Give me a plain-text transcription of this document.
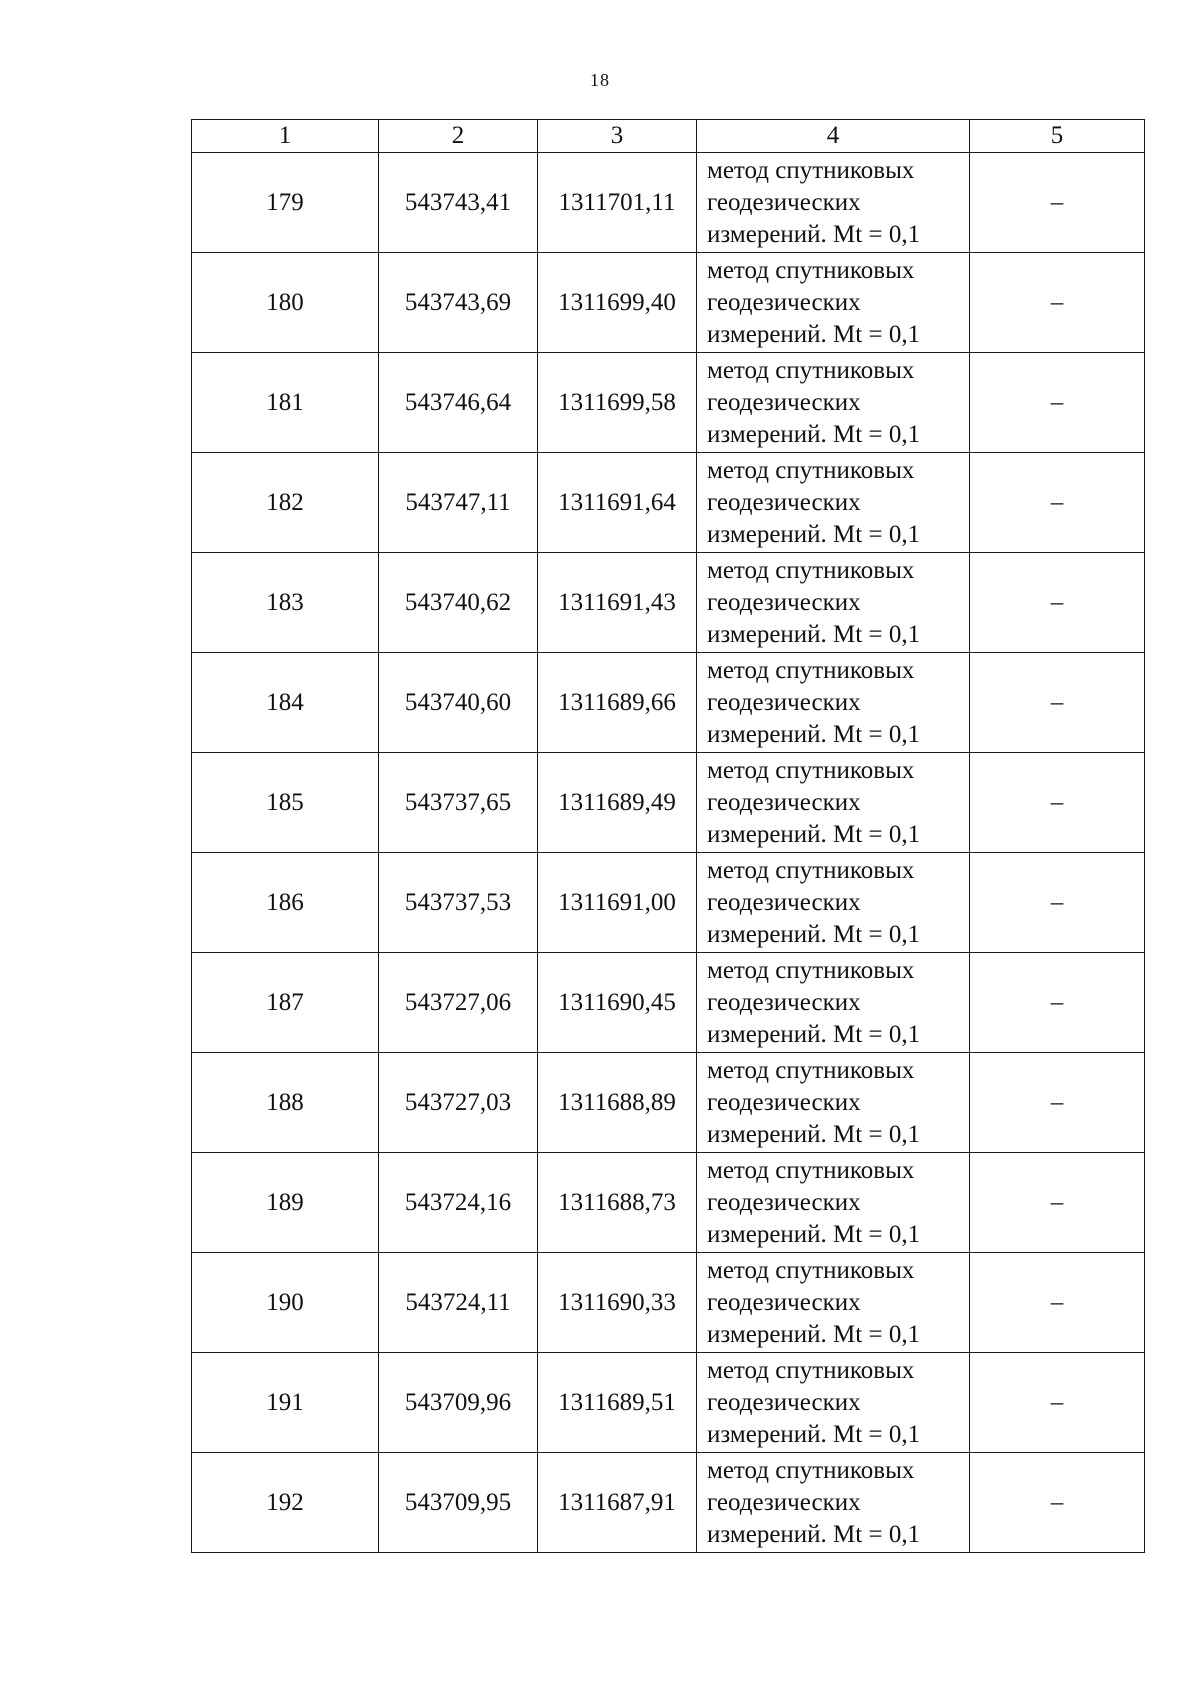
18
1	2	3	4	5
179	543743,41	1311701,11	метод спутниковых
геодезических
измерений. Mt = 0,1	–
180	543743,69	1311699,40	метод спутниковых
геодезических
измерений. Mt = 0,1	–
181	543746,64	1311699,58	метод спутниковых
геодезических
измерений. Mt = 0,1	–
182	543747,11	1311691,64	метод спутниковых
геодезических
измерений. Mt = 0,1	–
183	543740,62	1311691,43	метод спутниковых
геодезических
измерений. Mt = 0,1	–
184	543740,60	1311689,66	метод спутниковых
геодезических
измерений. Mt = 0,1	–
185	543737,65	1311689,49	метод спутниковых
геодезических
измерений. Mt = 0,1	–
186	543737,53	1311691,00	метод спутниковых
геодезических
измерений. Mt = 0,1	–
187	543727,06	1311690,45	метод спутниковых
геодезических
измерений. Mt = 0,1	–
188	543727,03	1311688,89	метод спутниковых
геодезических
измерений. Mt = 0,1	–
189	543724,16	1311688,73	метод спутниковых
геодезических
измерений. Mt = 0,1	–
190	543724,11	1311690,33	метод спутниковых
геодезических
измерений. Mt = 0,1	–
191	543709,96	1311689,51	метод спутниковых
геодезических
измерений. Mt = 0,1	–
192	543709,95	1311687,91	метод спутниковых
геодезических
измерений. Mt = 0,1	–
